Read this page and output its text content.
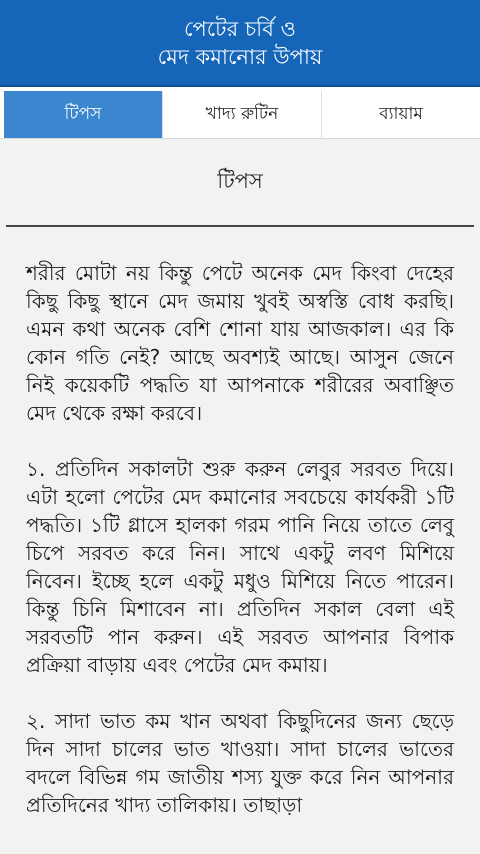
পেটের চর্বি ও
মেদ কমানোর উপায়
টিপস	খাদ্য রুটিন	ব্যায়াম
টিপস

শরীর মোটা নয় কিন্তু পেটে অনেক মেদ কিংবা দেহের কিছু কিছু স্থানে মেদ জমায় খুবই অস্বস্তি বোধ করছি। এমন কথা অনেক বেশি শোনা যায় আজকাল। এর কি কোন গতি নেই? আছে অবশ্যই আছে। আসুন জেনে নিই কয়েকটি পদ্ধতি যা আপনাকে শরীরের অবাঞ্ছিত মেদ থেকে রক্ষা করবে।

১. প্রতিদিন সকালটা শুরু করুন লেবুর সরবত দিয়ে। এটা হলো পেটের মেদ কমানোর সবচেয়ে কার্যকরী ১টি পদ্ধতি। ১টি গ্লাসে হালকা গরম পানি নিয়ে তাতে লেবু চিপে সরবত করে নিন। সাথে একটু লবণ মিশিয়ে নিবেন। ইচ্ছে হলে একটু মধুও মিশিয়ে নিতে পারেন। কিন্তু চিনি মিশাবেন না। প্রতিদিন সকাল বেলা এই সরবতটি পান করুন। এই সরবত আপনার বিপাক প্রক্রিয়া বাড়ায় এবং পেটের মেদ কমায়।

২. সাদা ভাত কম খান অথবা কিছুদিনের জন্য ছেড়ে দিন সাদা চালের ভাত খাওয়া। সাদা চালের ভাতের বদলে বিভিন্ন গম জাতীয় শস্য যুক্ত করে নিন আপনার প্রতিদিনের খাদ্য তালিকায়। তাছাড়া
